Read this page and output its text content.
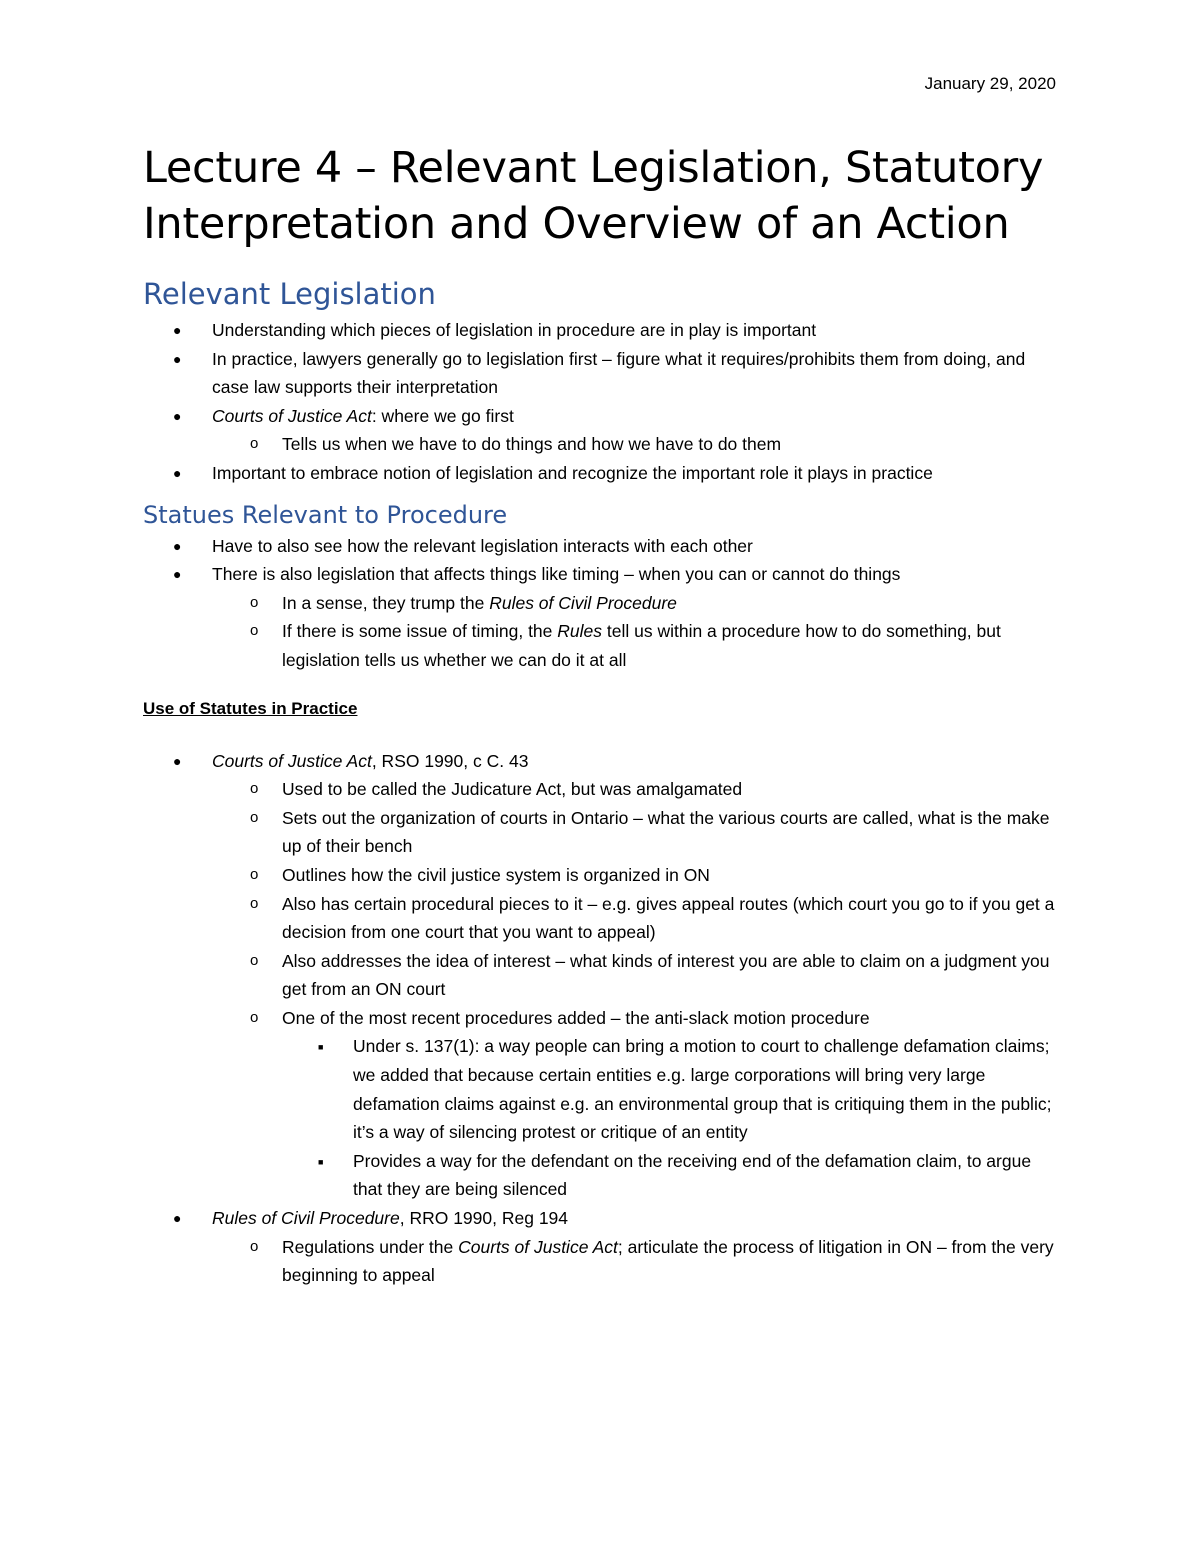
January 29, 2020
Lecture 4 – Relevant Legislation, Statutory Interpretation and Overview of an Action
Relevant Legislation
● Understanding which pieces of legislation in procedure are in play is important
● In practice, lawyers generally go to legislation first – figure what it requires/prohibits them from doing, and case law supports their interpretation
● Courts of Justice Act: where we go first
o Tells us when we have to do things and how we have to do them
● Important to embrace notion of legislation and recognize the important role it plays in practice
Statues Relevant to Procedure
● Have to also see how the relevant legislation interacts with each other
● There is also legislation that affects things like timing – when you can or cannot do things
o In a sense, they trump the Rules of Civil Procedure
o If there is some issue of timing, the Rules tell us within a procedure how to do something, but legislation tells us whether we can do it at all
Use of Statutes in Practice
● Courts of Justice Act, RSO 1990, c C. 43
o Used to be called the Judicature Act, but was amalgamated
o Sets out the organization of courts in Ontario – what the various courts are called, what is the make up of their bench
o Outlines how the civil justice system is organized in ON
o Also has certain procedural pieces to it – e.g. gives appeal routes (which court you go to if you get a decision from one court that you want to appeal)
o Also addresses the idea of interest – what kinds of interest you are able to claim on a judgment you get from an ON court
o One of the most recent procedures added – the anti-slack motion procedure
■ Under s. 137(1): a way people can bring a motion to court to challenge defamation claims; we added that because certain entities e.g. large corporations will bring very large defamation claims against e.g. an environmental group that is critiquing them in the public; it’s a way of silencing protest or critique of an entity
■ Provides a way for the defendant on the receiving end of the defamation claim, to argue that they are being silenced
● Rules of Civil Procedure, RRO 1990, Reg 194
o Regulations under the Courts of Justice Act; articulate the process of litigation in ON – from the very beginning to appeal
